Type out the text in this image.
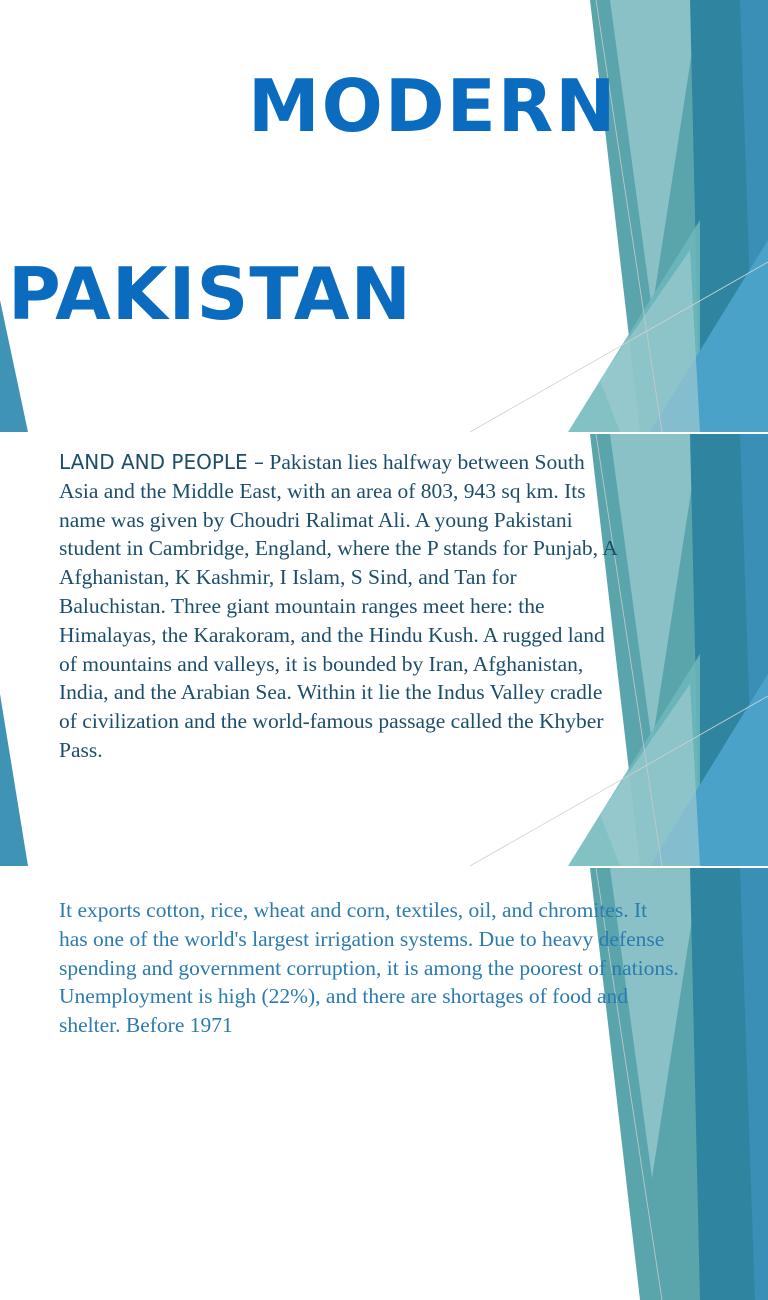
MODERN
PAKISTAN

LAND AND PEOPLE – Pakistan lies halfway between South Asia and the Middle East, with an area of 803, 943 sq km. Its name was given by Choudri Ralimat Ali. A young Pakistani student in Cambridge, England, where the P stands for Punjab, A Afghanistan, K Kashmir, I Islam, S Sind, and Tan for Baluchistan. Three giant mountain ranges meet here: the Himalayas, the Karakoram, and the Hindu Kush. A rugged land of mountains and valleys, it is bounded by Iran, Afghanistan, India, and the Arabian Sea. Within it lie the Indus Valley cradle of civilization and the world-famous passage called the Khyber Pass.

It exports cotton, rice, wheat and corn, textiles, oil, and chromites. It has one of the world's largest irrigation systems. Due to heavy defense spending and government corruption, it is among the poorest of nations. Unemployment is high (22%), and there are shortages of food and shelter. Before 1971
